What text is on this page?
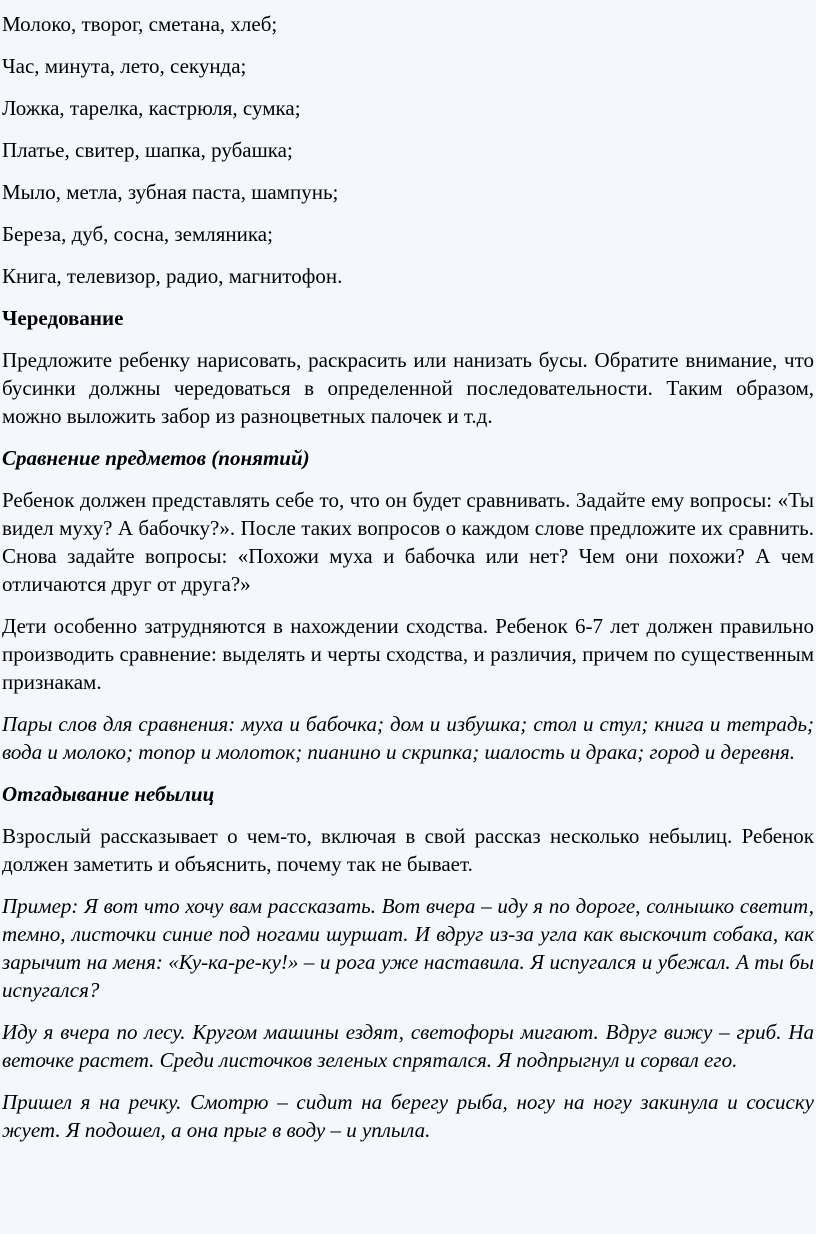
Молоко, творог, сметана, хлеб;
Час, минута, лето, секунда;
Ложка, тарелка, кастрюля, сумка;
Платье, свитер, шапка, рубашка;
Мыло, метла, зубная паста, шампунь;
Береза, дуб, сосна, земляника;
Книга, телевизор, радио, магнитофон.
Чередование
Предложите ребенку нарисовать, раскрасить или нанизать бусы. Обратите внимание, что бусинки должны чередоваться в определенной последовательности. Таким образом, можно выложить забор из разноцветных палочек и т.д.
Сравнение предметов (понятий)
Ребенок должен представлять себе то, что он будет сравнивать. Задайте ему вопросы: «Ты видел муху? А бабочку?». После таких вопросов о каждом слове предложите их сравнить. Снова задайте вопросы: «Похожи муха и бабочка или нет? Чем они похожи? А чем отличаются друг от друга?»
Дети особенно затрудняются в нахождении сходства. Ребенок 6-7 лет должен правильно производить сравнение: выделять и черты сходства, и различия, причем по существенным признакам.
Пары слов для сравнения: муха и бабочка; дом и избушка; стол и стул; книга и тетрадь; вода и молоко; топор и молоток; пианино и скрипка; шалость и драка; город и деревня.
Отгадывание небылиц
Взрослый рассказывает о чем-то, включая в свой рассказ несколько небылиц. Ребенок должен заметить и объяснить, почему так не бывает.
Пример: Я вот что хочу вам рассказать. Вот вчера – иду я по дороге, солнышко светит, темно, листочки синие под ногами шуршат. И вдруг из-за угла как выскочит собака, как зарычит на меня: «Ку-ка-ре-ку!» – и рога уже наставила. Я испугался и убежал. А ты бы испугался?
Иду я вчера по лесу. Кругом машины ездят, светофоры мигают. Вдруг вижу – гриб. На веточке растет. Среди листочков зеленых спрятался. Я подпрыгнул и сорвал его.
Пришел я на речку. Смотрю – сидит на берегу рыба, ногу на ногу закинула и сосиску жует. Я подошел, а она прыг в воду – и уплыла.
